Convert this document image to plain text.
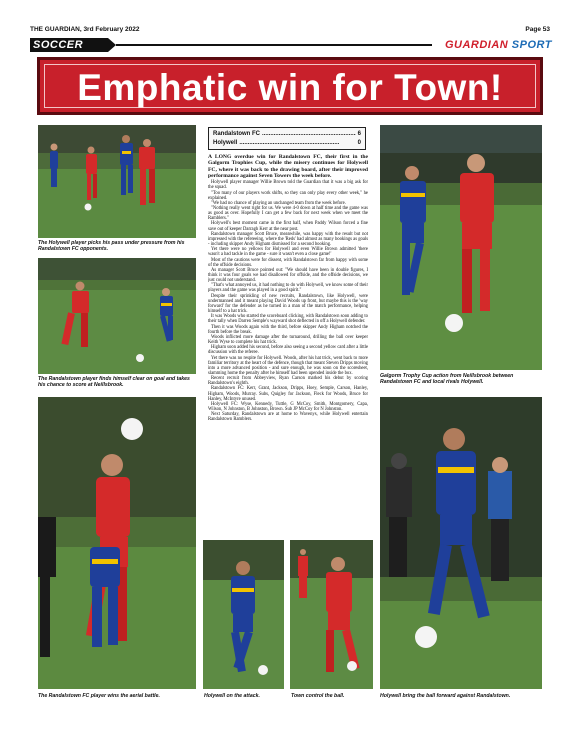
THE GUARDIAN, 3rd February 2022	Page 53
SOCCER	GUARDIAN SPORT
Emphatic win for Town!
The Holywell player picks his pass under pressure from his Randalstown FC opponents.
The Randalstown player finds himself clear on goal and takes his chance to score at Neillsbrook.
The Randalstown FC player wins the aerial battle.
Randalstown FC .....	6
Holywell .....	0
A LONG overdue win for Randalstown FC, their first in the Galgorm Trophies Cup, while the misery continues for Holywell FC, where it was back to the drawing board, after their improved performance against Seven Towers the week before.

Holywell player manager Willie Brown told the Guardian that it was a big ask for the squad.

"Too many of our players work shifts, so they can only play every other week," he explained.

"We had no chance of playing an unchanged team from the week before.

"Nothing really went right for us. We were 4-0 down at half time and the game was as good as over. Hopefully I can get a few back for next week when we meet the Ramblers."

Holywell's best moment came in the first half, when Paddy Wilson forced a fine save out of keeper Darragh Kerr at the near post.

Randalstown manager Scott Bruce, meanwhile, was happy with the result but not impressed with the refereeing, where the 'Reds' had almost as many bookings as goals - including skipper Andy Higham dismissed for a second booking.

Yet there were no yellows for Holywell and even Willie Brown admitted 'there wasn't a bad tackle in the game - sure it wasn't even a close game!'

Most of the cautions were for dissent, with Randalstown far from happy with some of the offside decisions.

As manager Scott Bruce pointed out: "We should have been in double figures, I think it was four goals we had disallowed for offside, and the offside decisions, we just could not understand.

"That's what annoyed us, it had nothing to do with Holywell, we know some of their players and the game was played in a good spirit."

Despite their sprinkling of new recruits, Randalstown, like Holywell, were undermanned and it meant playing David Woods up front, but maybe this is the 'way forward' for the defender as he turned in a man of the match performance, helping himself to a hat trick.

It was Woods who started the scoreboard clicking, with Randalstown soon adding to their tally when Darren Semple's wayward shot deflected in off a Holywell defender.

Then it was Woods again with the third, before skipper Andy Higham notched the fourth before the break.

Woods inflicted more damage after the turnaround, drilling the ball over keeper Keith Wyse to complete his hat trick.

Higham soon added his second, before also seeing a second yellow card after a little discussion with the referee.

Yet there was no respite for Holywell. Woods, after his hat trick, went back to more familiar territory at the heart of the defence, though that meant Steven Dripps moving into a more advanced position - and sure enough, he was soon on the scoresheet, slamming home the penalty after he himself had been upended inside the box.

Recent recruit from Abbeyview, Ryan Carson marked his debut by scoring Randalstown's eighth.

Randalstown FC: Kerr, Grant, Jackson, Dripps, Hoey, Semple, Carson, Hanley, Higham, Woods, Murray. Subs, Quigley for Jackson, Fleck for Woods, Bruce for Hanley, McIntyre unused.

Holywell FC: Wyse, Kennedy, Tuttle, G McCoy, Smith, Montgomery, Capa, Wilson, N Johnston, B Johnston, Brown. Sub JP McCoy for N Johnston.

Next Saturday, Randalstown are at home to Wavenys, while Holywell entertain Randalstown Ramblers.

Holywell on the attack.	Town control the ball.
Galgorm Trophy Cup action from Neillsbrook between Randalstown FC and local rivals Holywell.
Holywell bring the ball forward against Randalstown.
